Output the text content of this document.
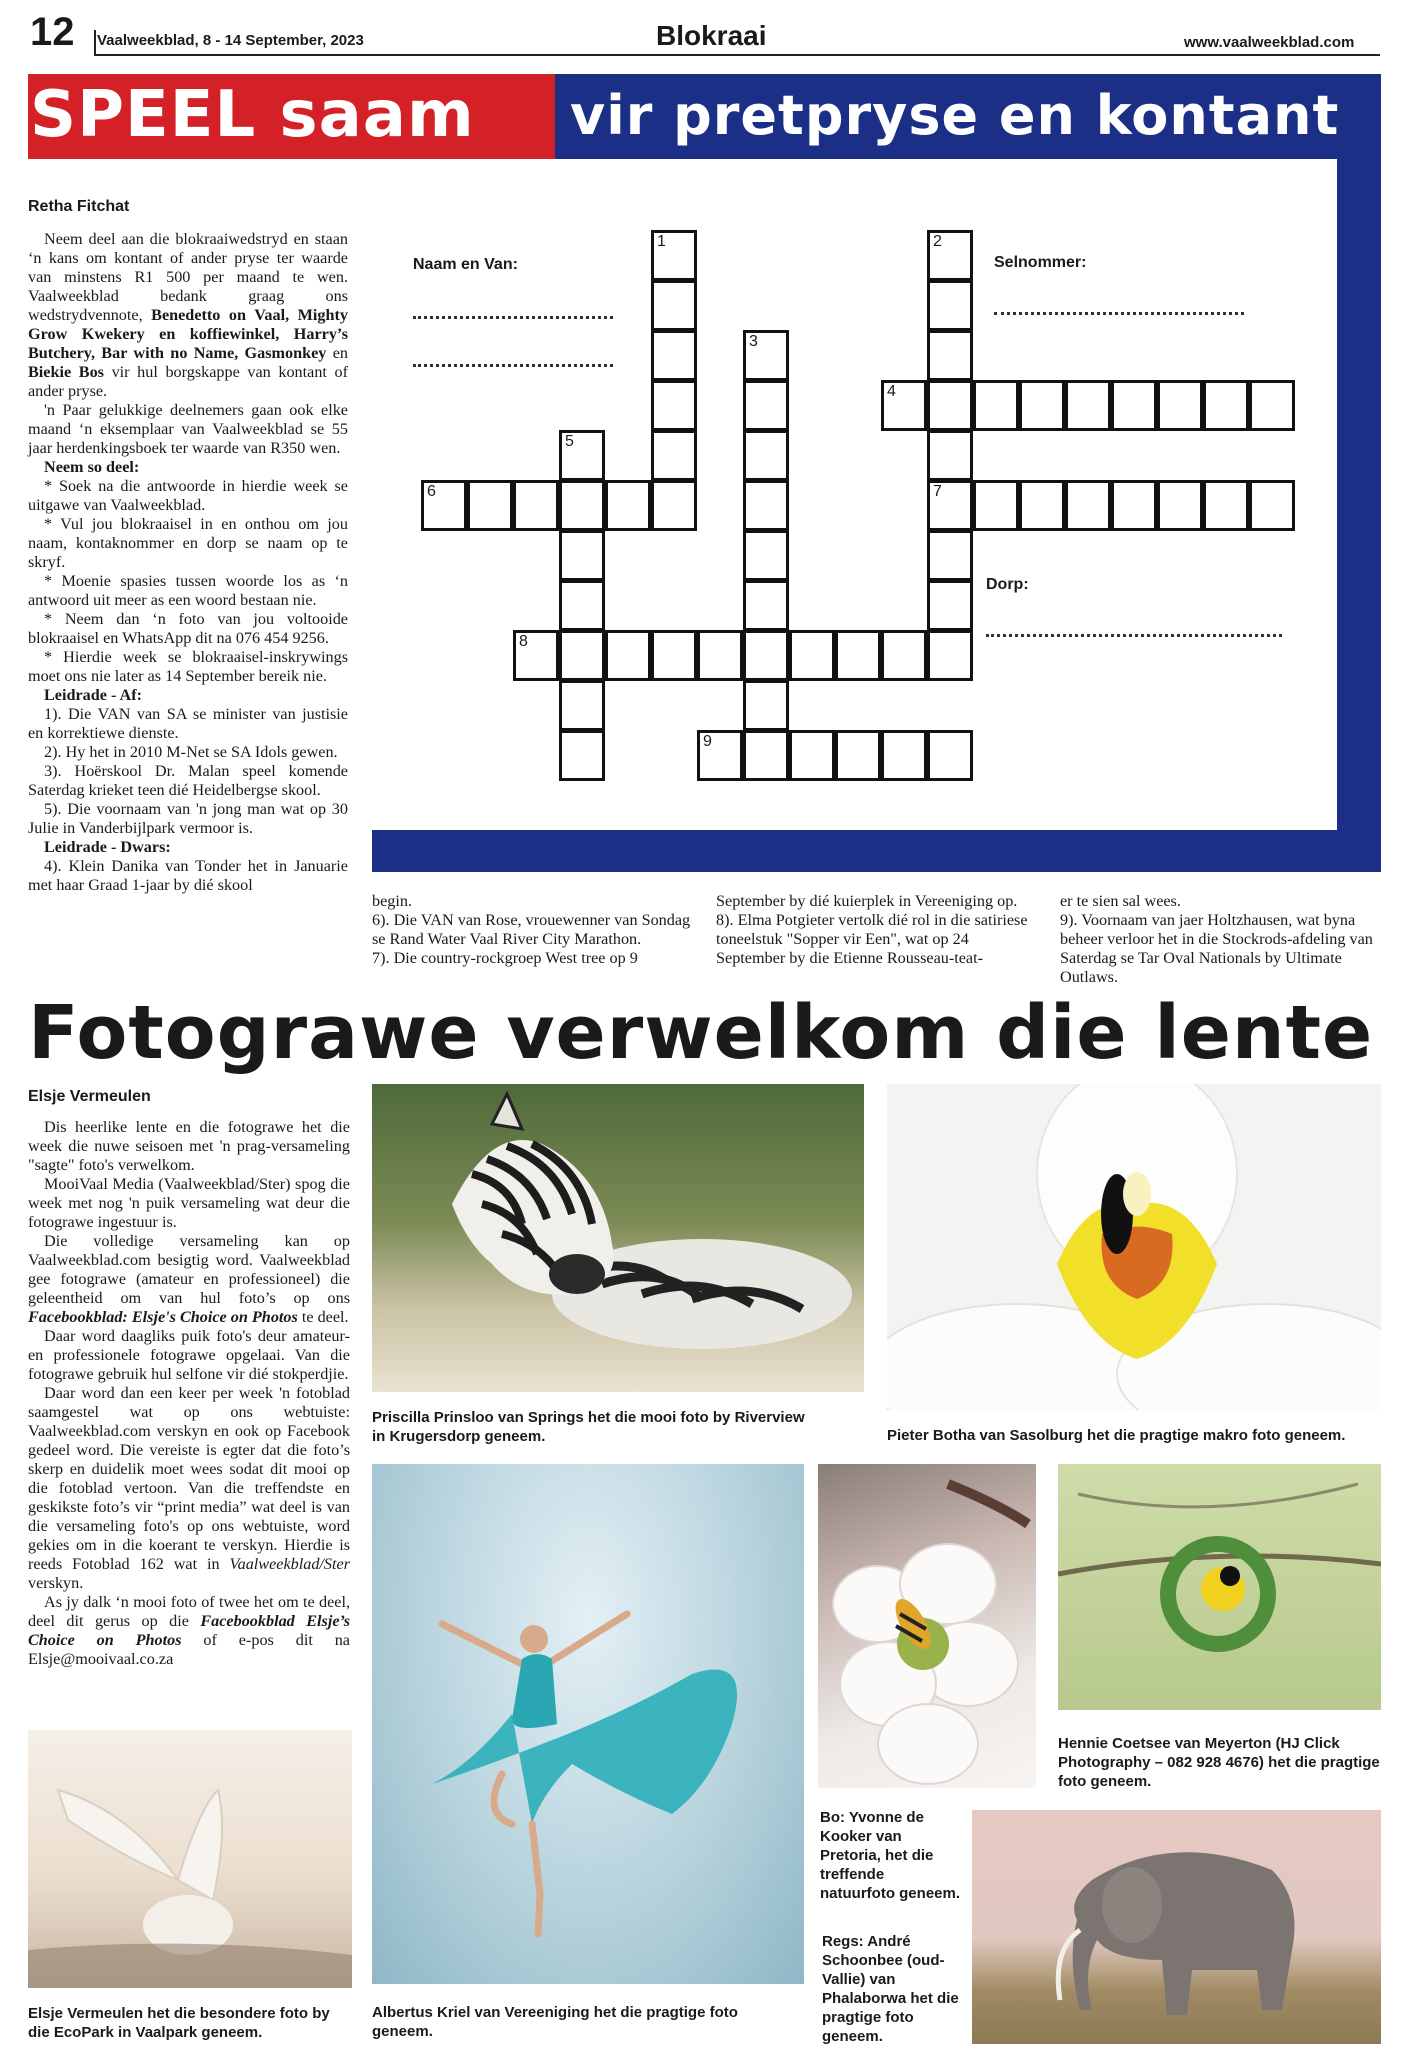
12 Vaalweekblad, 8 - 14 September, 2023	Blokraai	www.vaalweekblad.com
SPEEL saam vir pretpryse en kontant
Retha Fitchat

Neem deel aan die blokraaiwedstryd en staan ‘n kans om kontant of ander pryse ter waarde van minstens R1 500 per maand te wen. Vaalweekblad bedank graag ons wedstrydvennote, Benedetto on Vaal, Mighty Grow Kwekery en koffiewinkel, Harry’s Butchery, Bar with no Name, Gasmonkey en Biekie Bos vir hul borgskappe van kontant of ander pryse.

'n Paar gelukkige deelnemers gaan ook elke maand ‘n eksemplaar van Vaalweekblad se 55 jaar herdenkingsboek ter waarde van R350 wen.

Neem so deel:

* Soek na die antwoorde in hierdie week se uitgawe van Vaalweekblad.

* Vul jou blokraaisel in en onthou om jou naam, kontaknommer en dorp se naam op te skryf.

* Moenie spasies tussen woorde los as ‘n antwoord uit meer as een woord bestaan nie.

* Neem dan ‘n foto van jou voltooide blokraaisel en WhatsApp dit na 076 454 9256.

* Hierdie week se blokraaisel-inskrywings moet ons nie later as 14 September bereik nie.

Leidrade - Af:

1). Die VAN van SA se minister van justisie en korrektiewe dienste.

2). Hy het in 2010 M-Net se SA Idols gewen.

3). Hoërskool Dr. Malan speel komende Saterdag krieket teen dié Heidelbergse skool.

5). Die voornaam van 'n jong man wat op 30 Julie in Vanderbijlpark vermoor is.

Leidrade - Dwars:

4). Klein Danika van Tonder het in Januarie met haar Graad 1-jaar by dié skool

begin.
6). Die VAN van Rose, vrouewenner van Sondag se Rand Water Vaal River City Marathon.
7). Die country-rockgroep West tree op 9
September by dié kuierplek in Vereeniging op.
8). Elma Potgieter vertolk dié rol in die satiriese toneelstuk "Sopper vir Een", wat op 24 September by die Etienne Rousseau-teat-
er te sien sal wees.
9). Voornaam van jaer Holtzhausen, wat byna beheer verloor het in die Stockrods-afdeling van Saterdag se Tar Oval Nationals by Ultimate Outlaws.
1	2
3
4
5
6	7
8
9
Naam en Van:	Selnommer:
Dorp:
Fotograwe verwelkom die lente
Elsje Vermeulen

Dis heerlike lente en die fotograwe het die week die nuwe seisoen met 'n prag-versameling "sagte" foto's verwelkom.

MooiVaal Media (Vaalweekblad/Ster) spog die week met nog 'n puik versameling wat deur die fotograwe ingestuur is.

Die volledige versameling kan op Vaalweekblad.com besigtig word. Vaalweekblad gee fotograwe (amateur en professioneel) die geleentheid om van hul foto’s op ons Facebookblad: Elsje's Choice on Photos te deel.

Daar word daagliks puik foto's deur amateur- en professionele fotograwe opgelaai. Van die fotograwe gebruik hul selfone vir dié stokperdjie.

Daar word dan een keer per week 'n fotoblad saamgestel wat op ons webtuiste: Vaalweekblad.com verskyn en ook op Facebook gedeel word. Die vereiste is egter dat die foto’s skerp en duidelik moet wees sodat dit mooi op die fotoblad vertoon. Van die treffendste en geskikste foto’s vir “print media” wat deel is van die versameling foto's op ons webtuiste, word gekies om in die koerant te verskyn. Hierdie is reeds Fotoblad 162 wat in Vaalweekblad/Ster verskyn.

As jy dalk ‘n mooi foto of twee het om te deel, deel dit gerus op die Facebookblad Elsje’s Choice on Photos of e-pos dit na Elsje@mooivaal.co.za

Priscilla Prinsloo van Springs het die mooi foto by Riverview in Krugersdorp geneem.	Pieter Botha van Sasolburg het die pragtige makro foto geneem.
Albertus Kriel van Vereeniging het die pragtige foto geneem.
Bo: Yvonne de Kooker van Pretoria, het die treffende natuurfoto geneem.
Hennie Coetsee van Meyerton (HJ Click Photography – 082 928 4676) het die pragtige foto geneem.
Elsje Vermeulen het die besondere foto by die EcoPark in Vaalpark geneem.
Regs: André Schoonbee (oud-Vallie) van Phalaborwa het die pragtige foto geneem.
